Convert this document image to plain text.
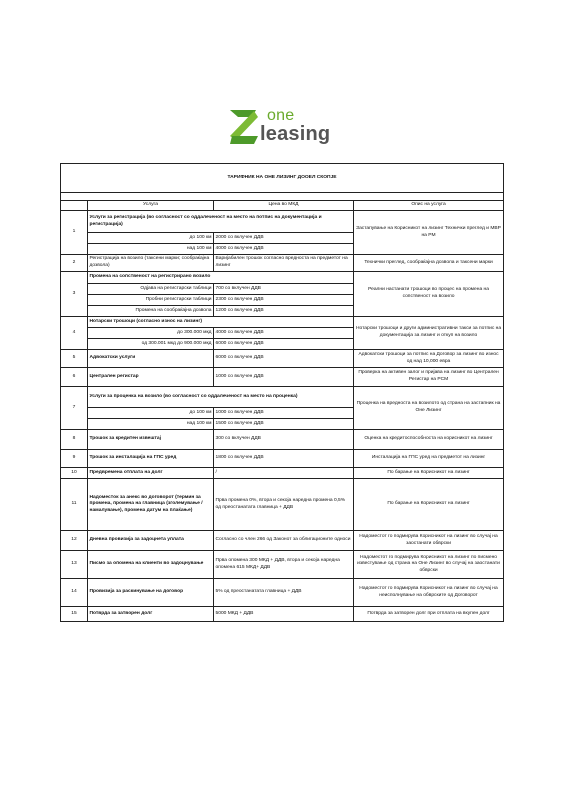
one
leasing
ТАРИФНИК НА ОНЕ ЛИЗИНГ ДООЕЛ СКОПЈЕ			

	Услуга	Цена во МКД	Опис на услуга
1	Услуги за регистрација (во согласност со оддалеченост на место на потпис на документација и регистрација)		Застапување на Корисникот на лизинг Технички преглед и МВР на РМ
	до 100 км	2000 со вклучен ДДВ	
	над 100 км	4000 со вклучен ДДВ	
2	Регистрација на возило (таксени марки; сообраќајна дозвола)	Варијабилен трошок согласно вредноста на предметот на лизинг	Технички преглед, сообраќајна дозвола и таксени марки
3	Промена на сопственост на регистрирано возило		Реални настанати трошоци во процес на промена на сопственост на возило
	Одјава на регистарски таблици	700 со вклучен ДДВ	
	Пробни регистарски таблици	2300 со вклучен ДДВ	
	Промена на сообраќајна дозвола	1200 со вклучен ДДВ	
4	Нотарски трошоци (согласно износ на лизинг)		Нотарски трошоци и други административни такси за потпис на документација за лизинг и откуп на возило
	до 300.000 мкд	4000 со вклучен ДДВ	
	од 300.001 мкд до 900.000 мкд	6000 со вклучен ДДВ	
5	Адвокатски услуги	6000 со вклучен ДДВ	Адвокатски трошоци за потпис на Договор за лизинг во износ од над 10,000 евра
6	Централен регистар	1000 со вклучен ДДВ	Проверка на активен залог и пријава на лизинг во Централен Регистар на РСМ
7	Услуги за проценка на возило (во согласност со оддалеченост на место на проценка)		Проценка на вредноста на возилото од страна на застапник на Оне Лизинг
	до 100 км	1000 со вклучен ДДВ	
	над 100 км	1500 со вклучен ДДВ	
8	Трошок за кредитен извештај	300 со вклучен ДДВ	Оценка на кредитоспособноста на корисникот на лизинг
9	Трошок за инсталација на ГПС уред	1800 со вклучен ДДВ	Инсталација на ГПС уред на предметот на лизинг
10	Предвремена отплата на долг	/	По барање на Корисникот на лизинг
11	Надоместок за анекс во договорот (термин за промена, промена на главница (зголемување / намалување), промена датум на плаќање)	Прва промена 0%, втора и секоја наредна промена 0,5% од преостанатата главница + ДДВ	По барање на Корисникот на лизинг
12	Дневна провизија за задоцнета уплата	Согласно со член 266 од Законот за облигационите односи	Надоместот го подмирува Корисникот на лизинг во случај на заостанати обврски
13	Писмо за опомена на клиенти во задоцнување	Прва опомена 300 МКД + ДДВ, втора и секоја наредна опомена 615 МКД+ ДДВ	Надоместот го подмирува Корисникот на лизинг по писмено известување од страна на Оне Лизинг во случај на заостанати обврски
14	Провизија за раскинување на договор	5% од преостанатата главница + ДДВ	Надоместот го подмирува Корисникот на лизинг во случај на неисполнување на обврските од Договорот
15	Потврда за затворен долг	5000 МКД + ДДВ	Потврда за затворен долг при отплата на вкупен долг
